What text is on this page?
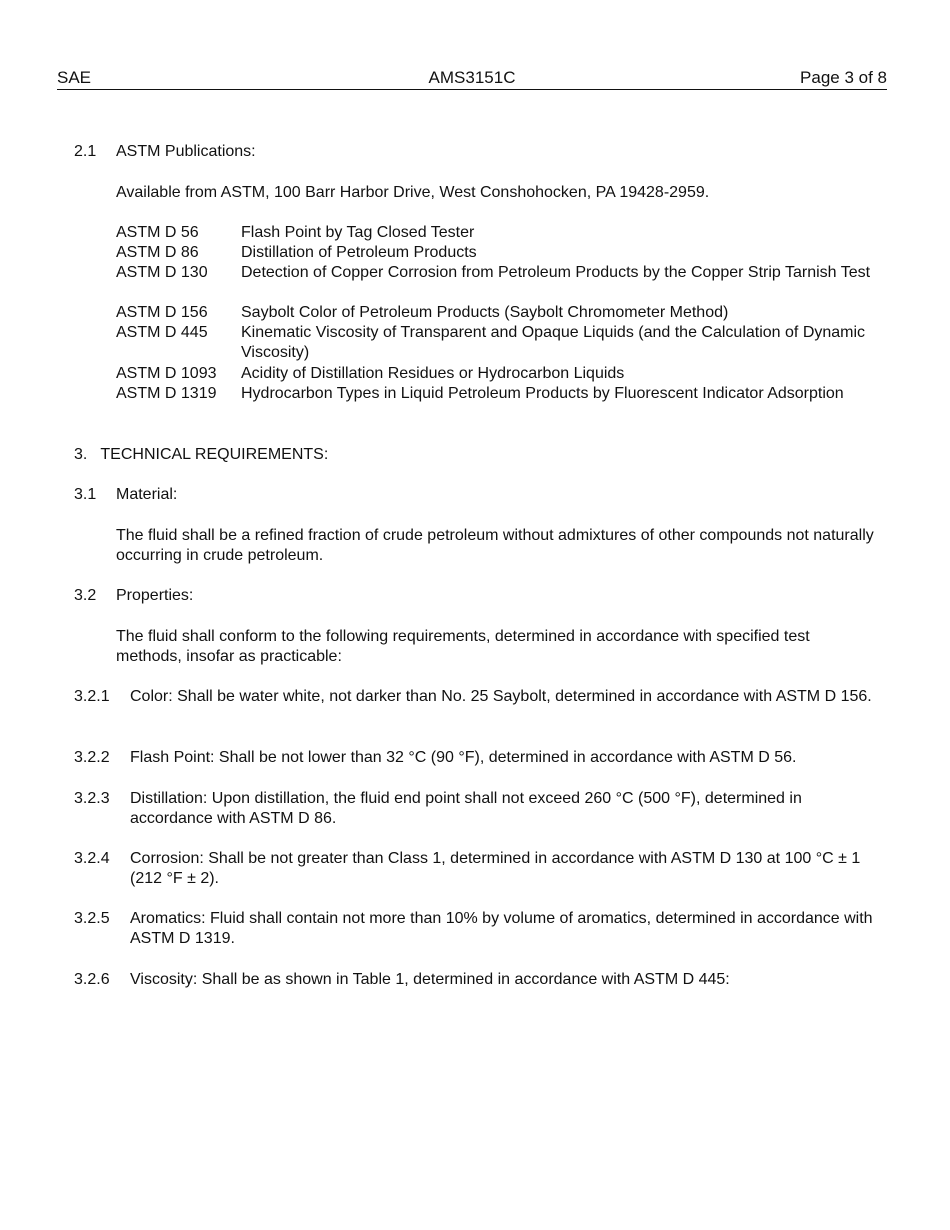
SAE	AMS3151C	Page 3 of 8
2.1 ASTM Publications:
Available from ASTM, 100 Barr Harbor Drive, West Conshohocken, PA 19428-2959.
ASTM D 56	Flash Point by Tag Closed Tester
ASTM D 86	Distillation of Petroleum Products
ASTM D 130 Detection of Copper Corrosion from Petroleum Products by the Copper Strip Tarnish Test
ASTM D 156 Saybolt Color of Petroleum Products (Saybolt Chromometer Method)
ASTM D 445 Kinematic Viscosity of Transparent and Opaque Liquids (and the Calculation of Dynamic Viscosity)
ASTM D 1093 Acidity of Distillation Residues or Hydrocarbon Liquids
ASTM D 1319 Hydrocarbon Types in Liquid Petroleum Products by Fluorescent Indicator Adsorption
3.   TECHNICAL REQUIREMENTS:
3.1 Material:
The fluid shall be a refined fraction of crude petroleum without admixtures of other compounds not naturally occurring in crude petroleum.
3.2 Properties:
The fluid shall conform to the following requirements, determined in accordance with specified test methods, insofar as practicable:
3.2.1 Color: Shall be water white, not darker than No. 25 Saybolt, determined in accordance with ASTM D 156.
3.2.2 Flash Point: Shall be not lower than 32 °C (90 °F), determined in accordance with ASTM D 56.
3.2.3 Distillation: Upon distillation, the fluid end point shall not exceed 260 °C (500 °F), determined in accordance with ASTM D 86.
3.2.4 Corrosion: Shall be not greater than Class 1, determined in accordance with ASTM D 130 at 100 °C ± 1 (212 °F ± 2).
3.2.5 Aromatics: Fluid shall contain not more than 10% by volume of aromatics, determined in accordance with ASTM D 1319.
3.2.6 Viscosity: Shall be as shown in Table 1, determined in accordance with ASTM D 445:
